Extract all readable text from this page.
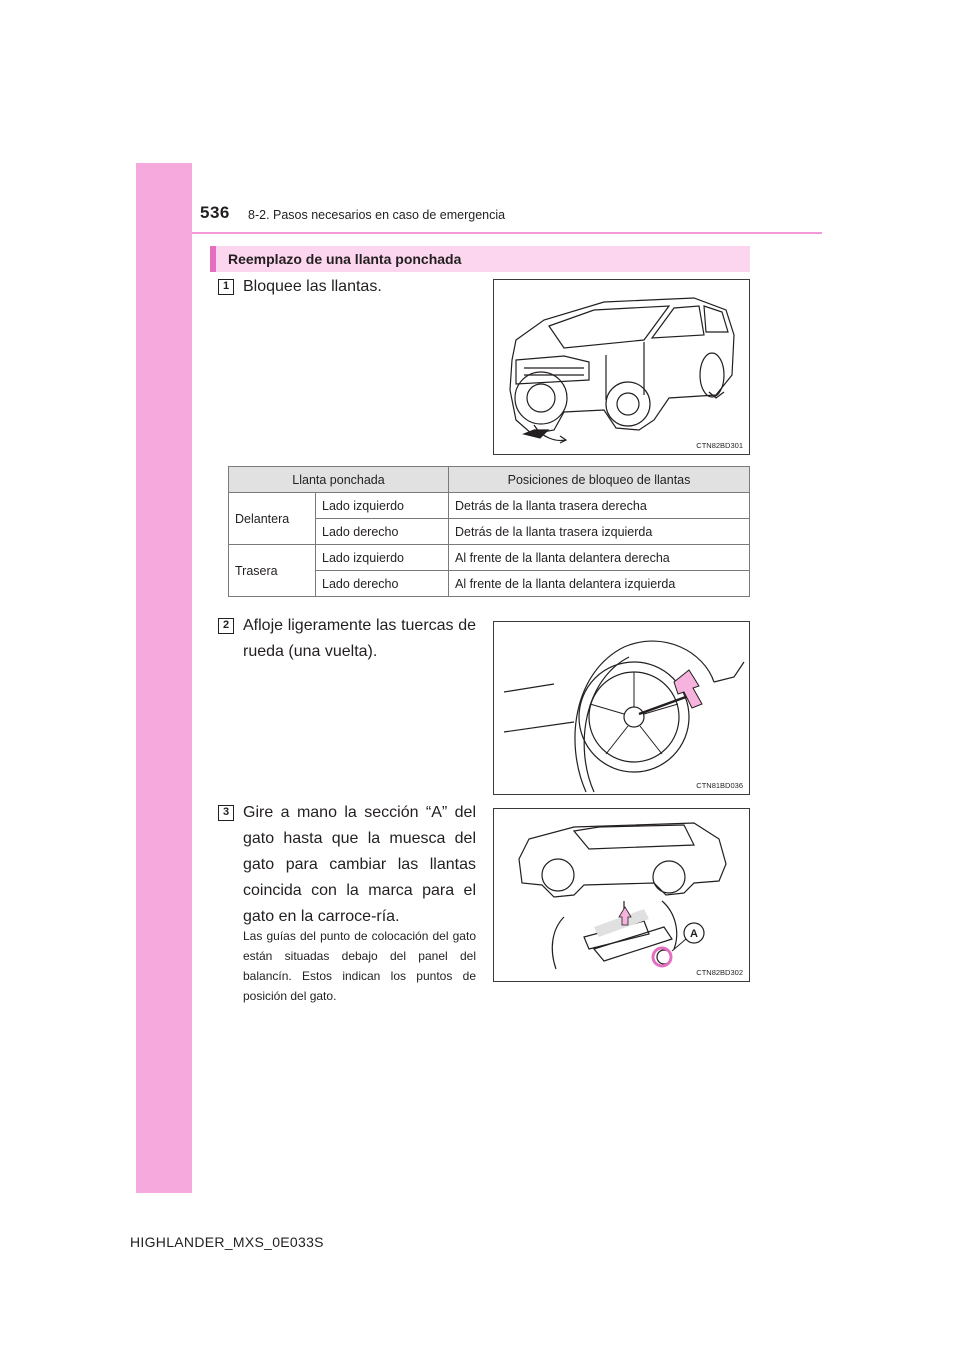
536 8-2. Pasos necesarios en caso de emergencia
Reemplazo de una llanta ponchada
1 Bloquee las llantas.
CTN82BD301
Llanta ponchada		Posiciones de bloqueo de llantas
Delantera	Lado izquierdo	Detrás de la llanta trasera derecha
	Lado derecho	Detrás de la llanta trasera izquierda
Trasera	Lado izquierdo	Al frente de la llanta delantera derecha
	Lado derecho	Al frente de la llanta delantera izquierda
2 Afloje ligeramente las tuercas de rueda (una vuelta).
CTN81BD036
3 Gire a mano la sección “A” del gato hasta que la muesca del gato para cambiar las llantas coincida con la marca para el gato en la carroce-ría.
Las guías del punto de colocación del gato están situadas debajo del panel del balancín. Estos indican los puntos de posición del gato.
A
CTN82BD302
HIGHLANDER_MXS_0E033S
